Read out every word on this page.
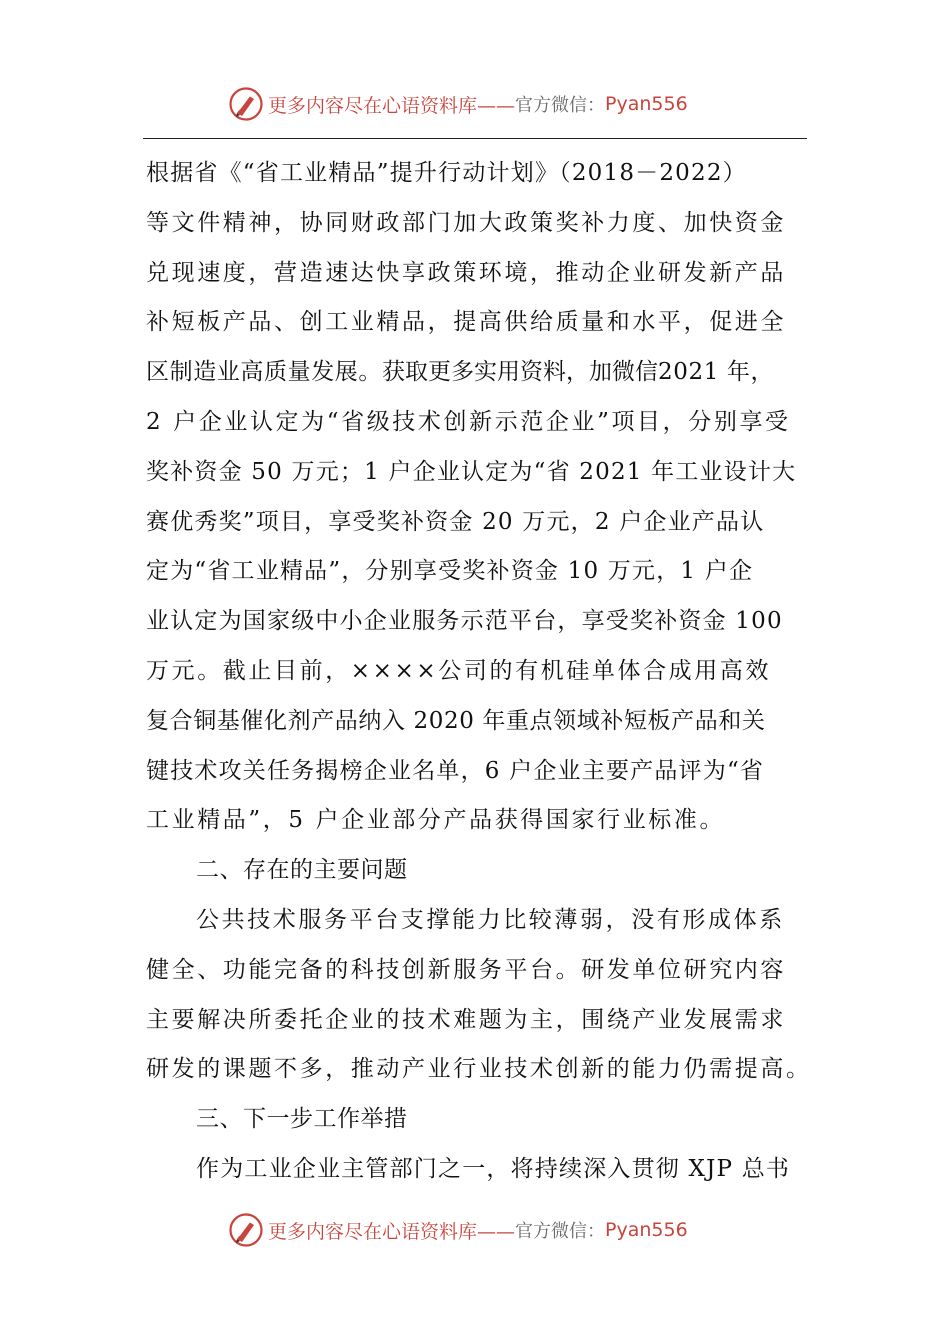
更多内容尽在心语资料库—— 官方微信： Pyan556
根据省《“省工业精品”提升行动计划》（2018－2022）
等文件精神，协同财政部门加大政策奖补力度、加快资金
兑现速度，营造速达快享政策环境，推动企业研发新产品
补短板产品、创工业精品，提高供给质量和水平，促进全
区制造业高质量发展。获取更多实用资料，加微信2021 年，
2 户企业认定为“省级技术创新示范企业”项目，分别享受
奖补资金 50 万元；1 户企业认定为“省 2021 年工业设计大
赛优秀奖”项目，享受奖补资金 20 万元，2 户企业产品认
定为“省工业精品”，分别享受奖补资金 10 万元，1 户企
业认定为国家级中小企业服务示范平台，享受奖补资金 100
万元。截止目前，××××公司的有机硅单体合成用高效
复合铜基催化剂产品纳入 2020 年重点领域补短板产品和关
键技术攻关任务揭榜企业名单，6 户企业主要产品评为“省
工业精品”，5 户企业部分产品获得国家行业标准。
二、存在的主要问题
公共技术服务平台支撑能力比较薄弱，没有形成体系
健全、功能完备的科技创新服务平台。研发单位研究内容
主要解决所委托企业的技术难题为主，围绕产业发展需求
研发的课题不多，推动产业行业技术创新的能力仍需提高。
三、下一步工作举措
作为工业企业主管部门之一，将持续深入贯彻 XJP 总书
更多内容尽在心语资料库—— 官方微信： Pyan556
